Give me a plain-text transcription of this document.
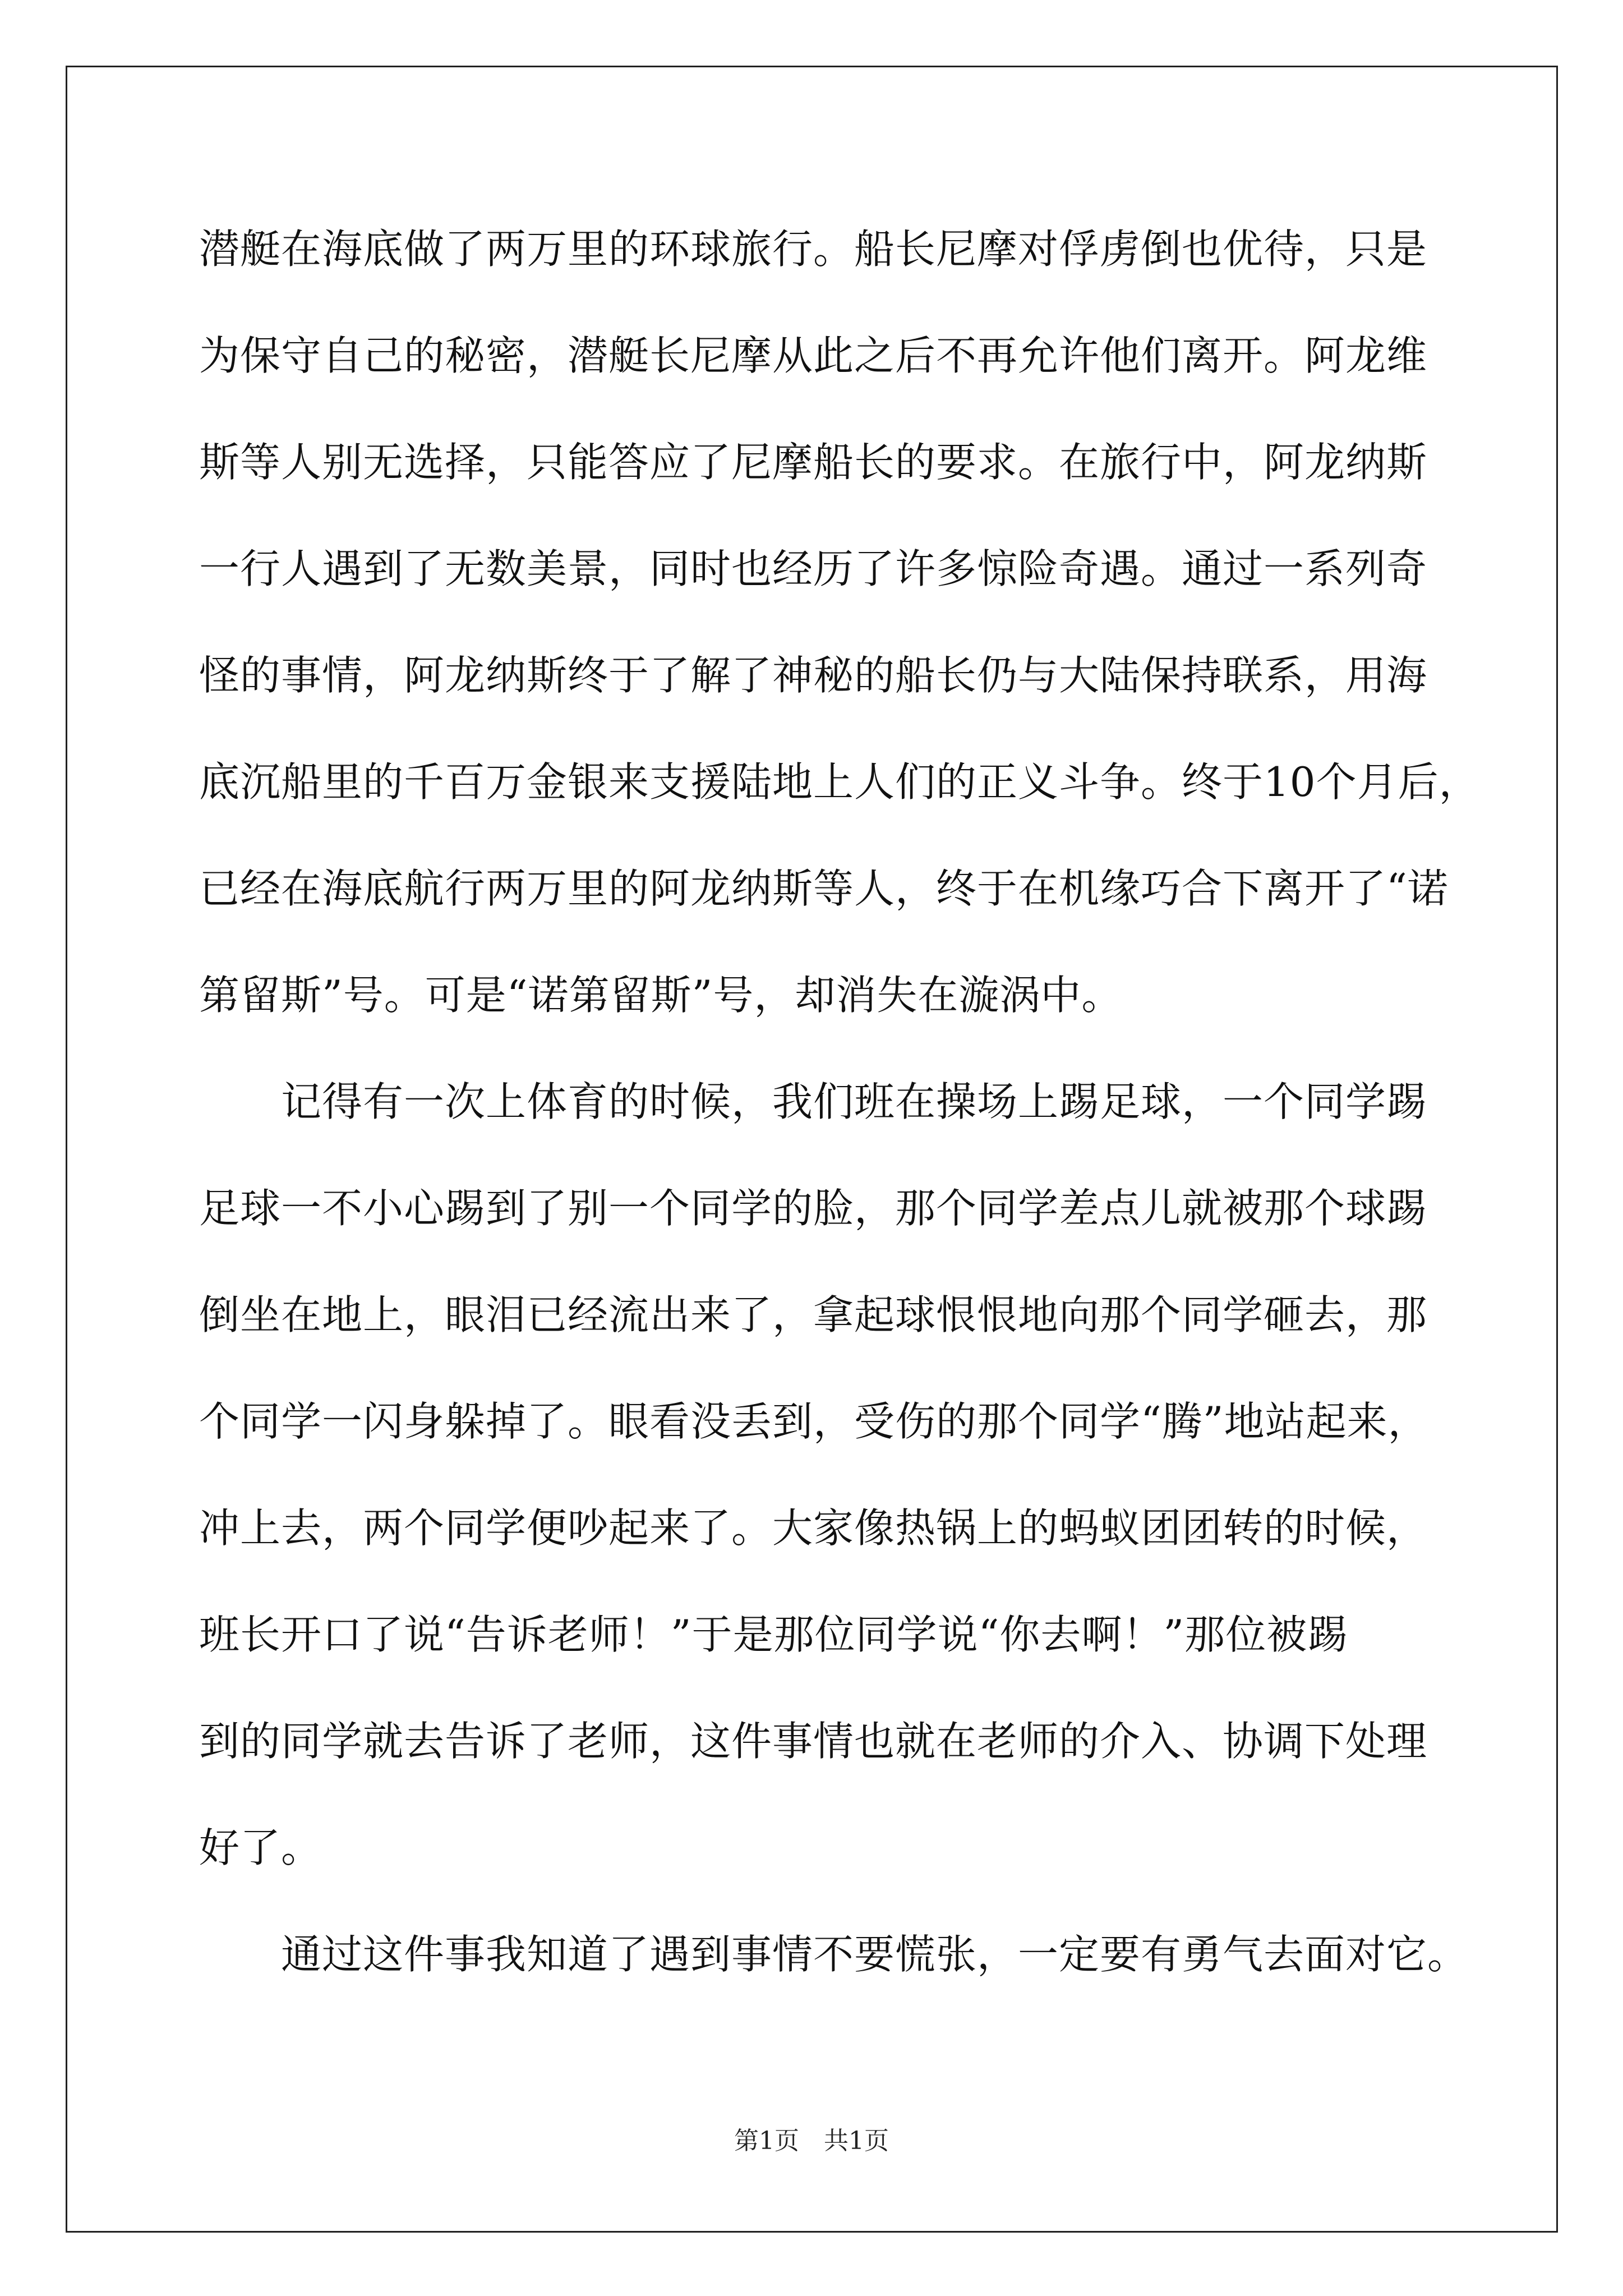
潜艇在海底做了两万里的环球旅行。船长尼摩对俘虏倒也优待，只是
为保守自己的秘密，潜艇长尼摩从此之后不再允许他们离开。阿龙维
斯等人别无选择，只能答应了尼摩船长的要求。在旅行中，阿龙纳斯
一行人遇到了无数美景，同时也经历了许多惊险奇遇。通过一系列奇
怪的事情，阿龙纳斯终于了解了神秘的船长仍与大陆保持联系，用海
底沉船里的千百万金银来支援陆地上人们的正义斗争。终于10个月后，
已经在海底航行两万里的阿龙纳斯等人，终于在机缘巧合下离开了“诺
第留斯”号。可是“诺第留斯”号，却消失在漩涡中。
　　记得有一次上体育的时候，我们班在操场上踢足球，一个同学踢
足球一不小心踢到了别一个同学的脸，那个同学差点儿就被那个球踢
倒坐在地上，眼泪已经流出来了，拿起球恨恨地向那个同学砸去，那
个同学一闪身躲掉了。眼看没丢到，受伤的那个同学“腾”地站起来，
冲上去，两个同学便吵起来了。大家像热锅上的蚂蚁团团转的时候，
班长开口了说“告诉老师！”于是那位同学说“你去啊！”那位被踢
到的同学就去告诉了老师，这件事情也就在老师的介入、协调下处理
好了。
　　通过这件事我知道了遇到事情不要慌张，一定要有勇气去面对它。
第1页　共1页
